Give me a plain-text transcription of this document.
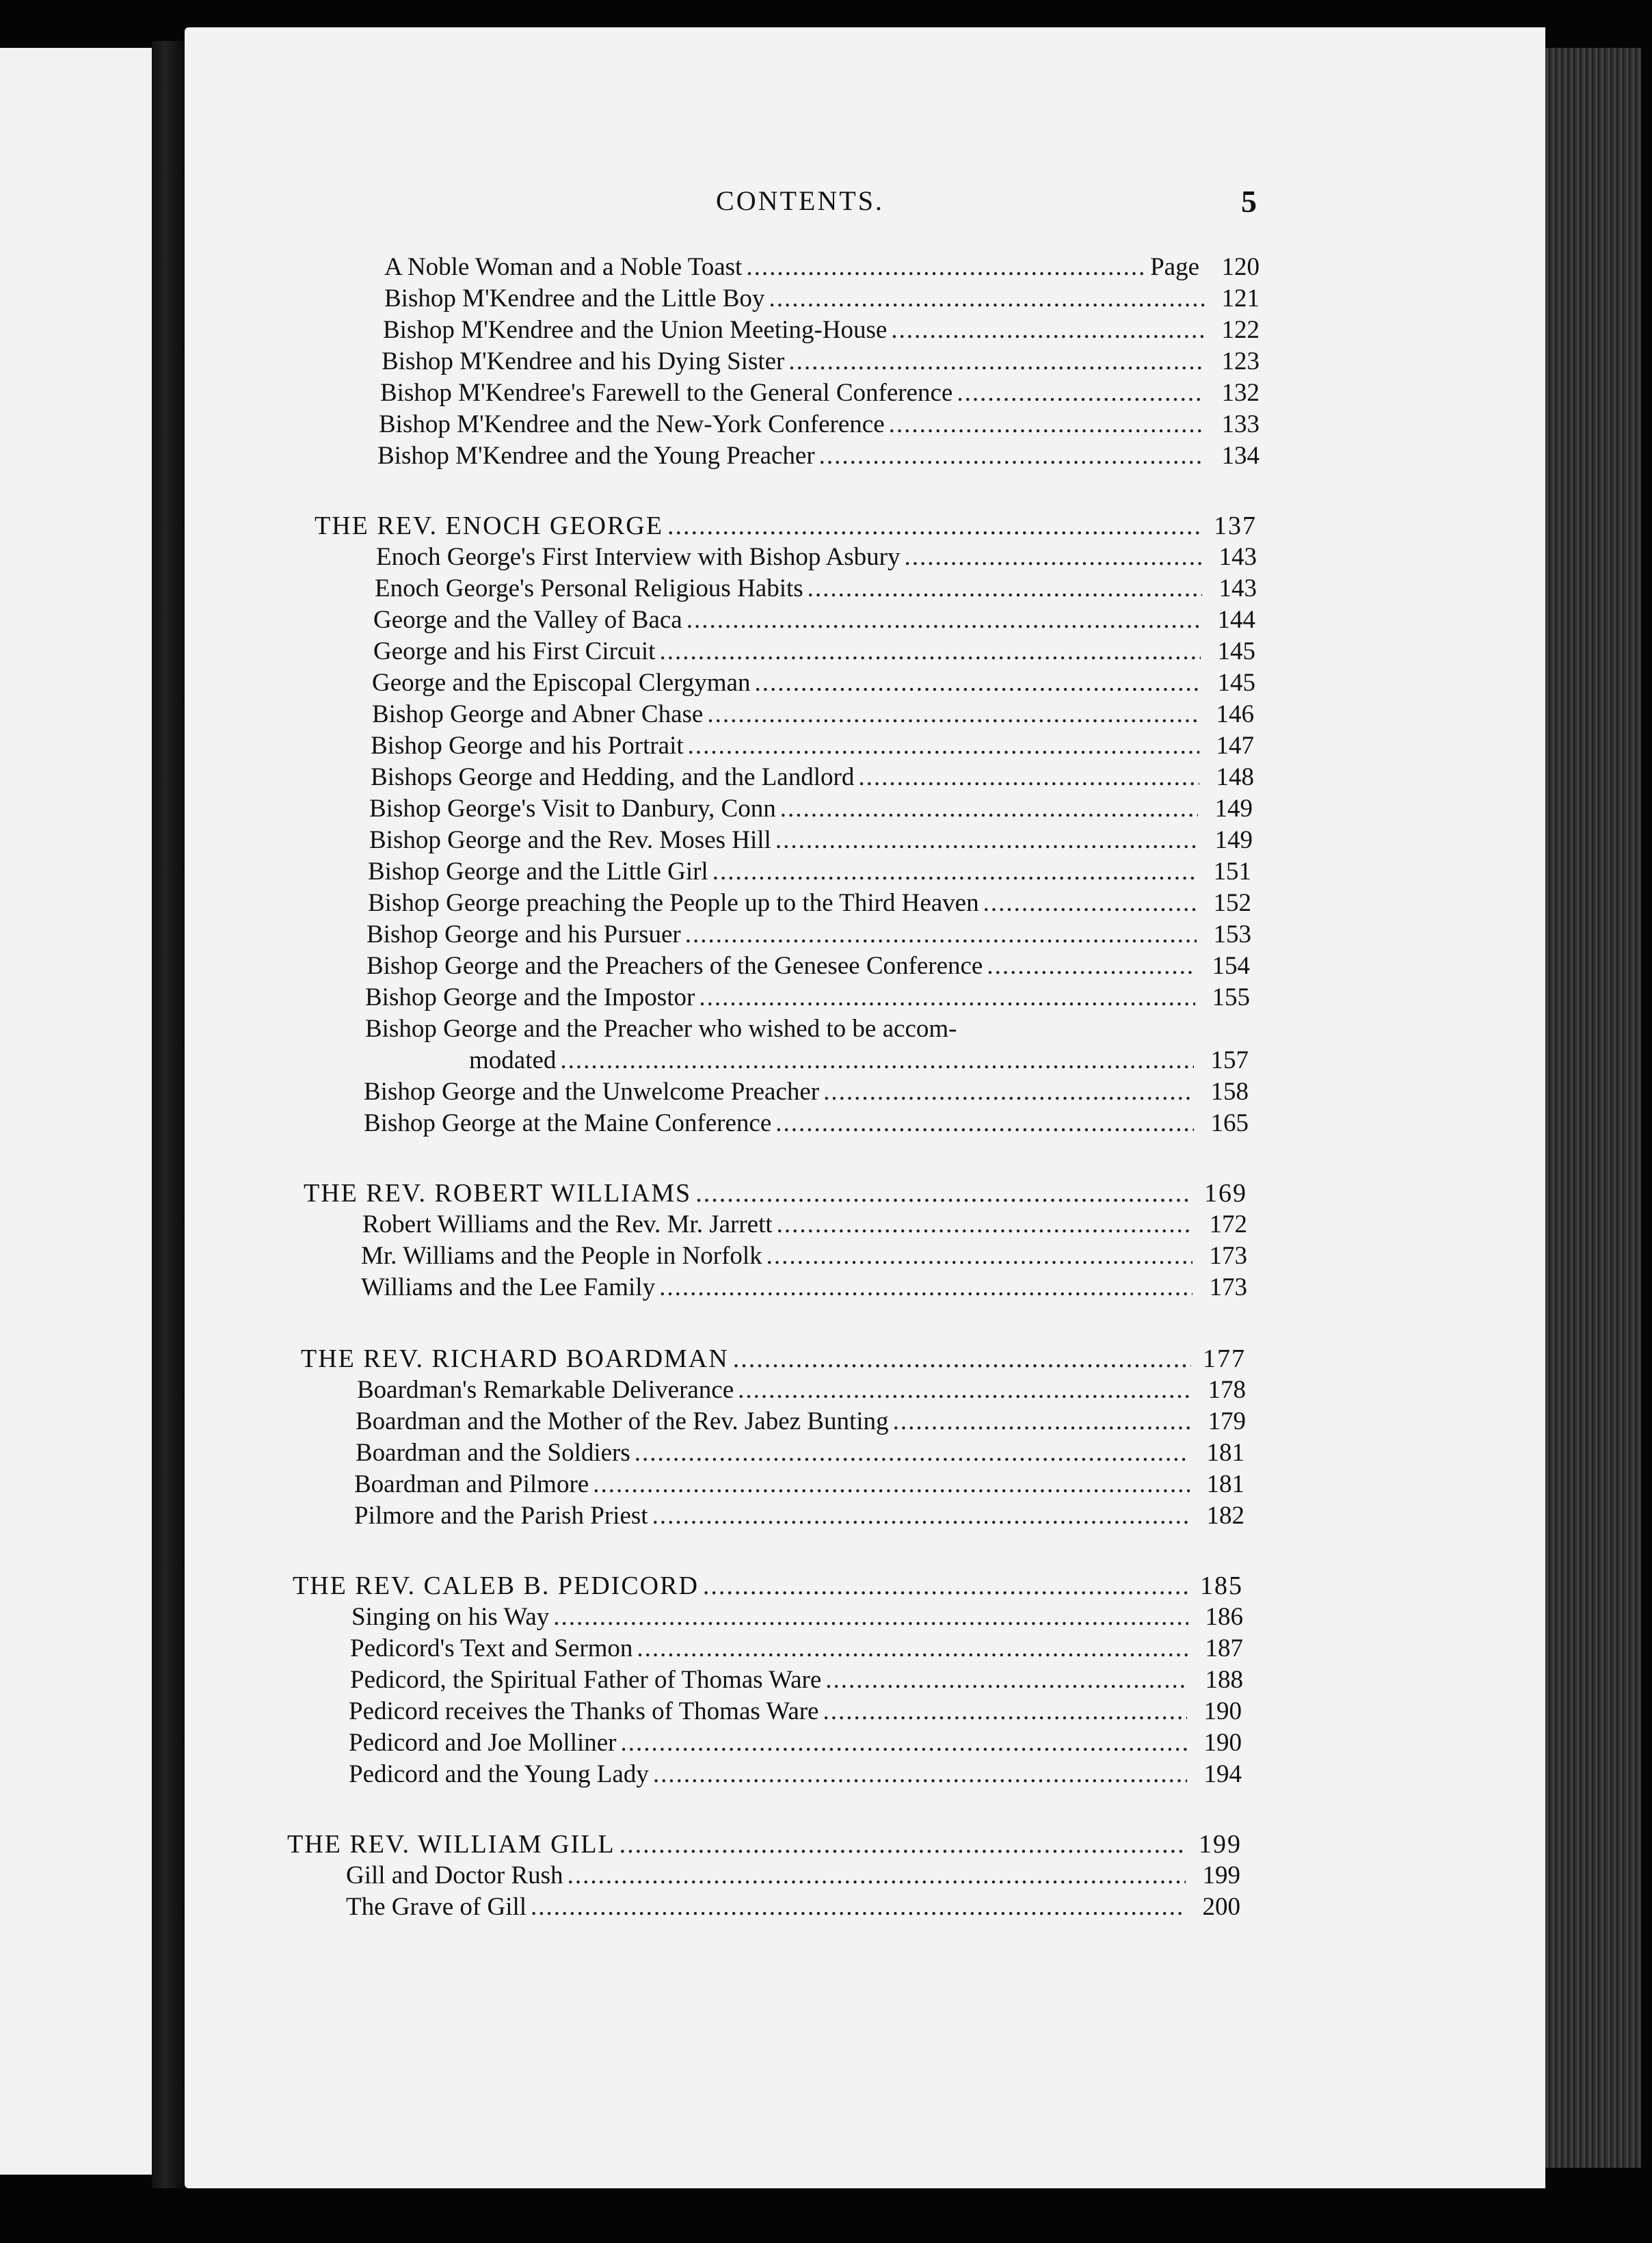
CONTENTS.	5
A Noble Woman and a Noble Toast .....	Page 120
Bishop M'Kendree and the Little Boy .....	121
Bishop M'Kendree and the Union Meeting-House .....	122
Bishop M'Kendree and his Dying Sister .....	123
Bishop M'Kendree's Farewell to the General Conference .....	132
Bishop M'Kendree and the New-York Conference .....	133
Bishop M'Kendree and the Young Preacher .....	134
THE REV. ENOCH GEORGE .....	137
Enoch George's First Interview with Bishop Asbury .....	143
Enoch George's Personal Religious Habits .....	143
George and the Valley of Baca .....	144
George and his First Circuit .....	145
George and the Episcopal Clergyman .....	145
Bishop George and Abner Chase .....	146
Bishop George and his Portrait .....	147
Bishops George and Hedding, and the Landlord .....	148
Bishop George's Visit to Danbury, Conn .....	149
Bishop George and the Rev. Moses Hill .....	149
Bishop George and the Little Girl .....	151
Bishop George preaching the People up to the Third Heaven .....	152
Bishop George and his Pursuer .....	153
Bishop George and the Preachers of the Genesee Conference .....	154
Bishop George and the Impostor .....	155
Bishop George and the Preacher who wished to be accom-
modated .....	157
Bishop George and the Unwelcome Preacher .....	158
Bishop George at the Maine Conference .....	165
THE REV. ROBERT WILLIAMS .....	169
Robert Williams and the Rev. Mr. Jarrett .....	172
Mr. Williams and the People in Norfolk .....	173
Williams and the Lee Family .....	173
THE REV. RICHARD BOARDMAN .....	177
Boardman's Remarkable Deliverance .....	178
Boardman and the Mother of the Rev. Jabez Bunting .....	179
Boardman and the Soldiers .....	181
Boardman and Pilmore .....	181
Pilmore and the Parish Priest .....	182
THE REV. CALEB B. PEDICORD .....	185
Singing on his Way .....	186
Pedicord's Text and Sermon .....	187
Pedicord, the Spiritual Father of Thomas Ware .....	188
Pedicord receives the Thanks of Thomas Ware .....	190
Pedicord and Joe Molliner .....	190
Pedicord and the Young Lady .....	194
THE REV. WILLIAM GILL .....	199
Gill and Doctor Rush .....	199
The Grave of Gill .....	200
